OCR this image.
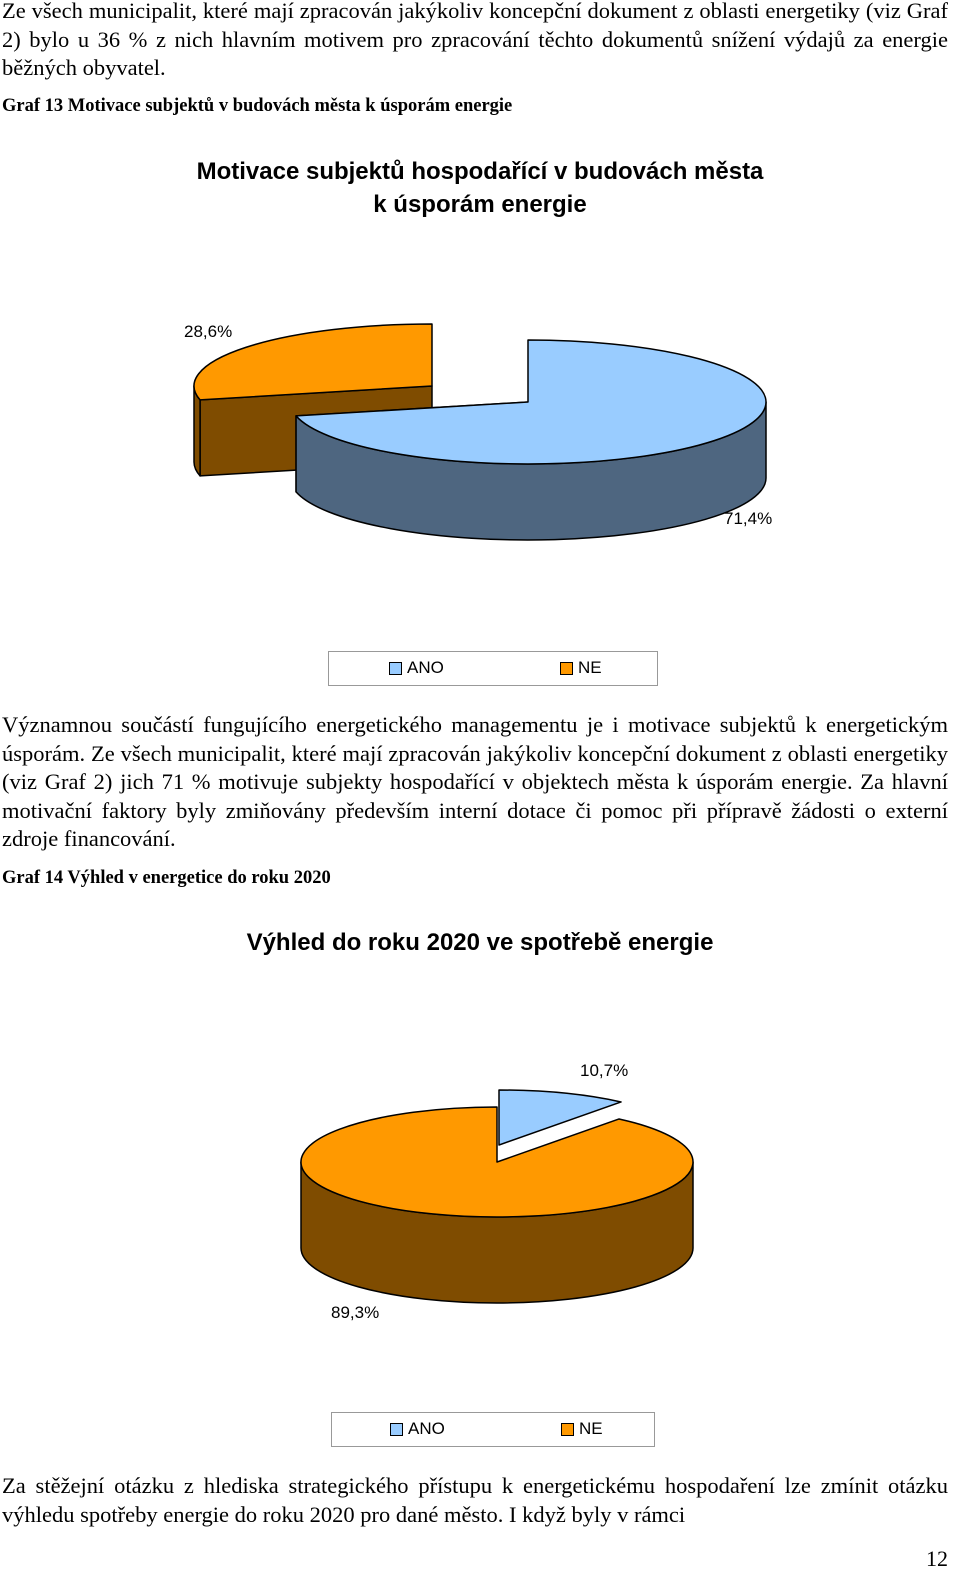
Ze všech municipalit, které mají zpracován jakýkoliv koncepční dokument z oblasti energetiky (viz Graf 2) bylo u 36 % z nich hlavním motivem pro zpracování těchto dokumentů snížení výdajů za energie běžných obyvatel.

Graf 13 Motivace subjektů v budovách města k úsporám energie

Motivace subjektů hospodařící v budovách města
k úsporám energie

28,6%
71,4%
ANO	NE

Významnou součástí fungujícího energetického managementu je i motivace subjektů k energetickým úsporám. Ze všech municipalit, které mají zpracován jakýkoliv koncepční dokument z oblasti energetiky (viz Graf 2) jich 71 % motivuje subjekty hospodařící v objektech města k úsporám energie. Za hlavní motivační faktory byly zmiňovány především interní dotace či pomoc při přípravě žádosti o externí zdroje financování.

Graf 14 Výhled v energetice do roku 2020

Výhled do roku 2020 ve spotřebě energie

10,7%
89,3%
ANO	NE

Za stěžejní otázku z hlediska strategického přístupu k energetickému hospodaření lze zmínit otázku výhledu spotřeby energie do roku 2020 pro dané město. I když byly v rámci

12
